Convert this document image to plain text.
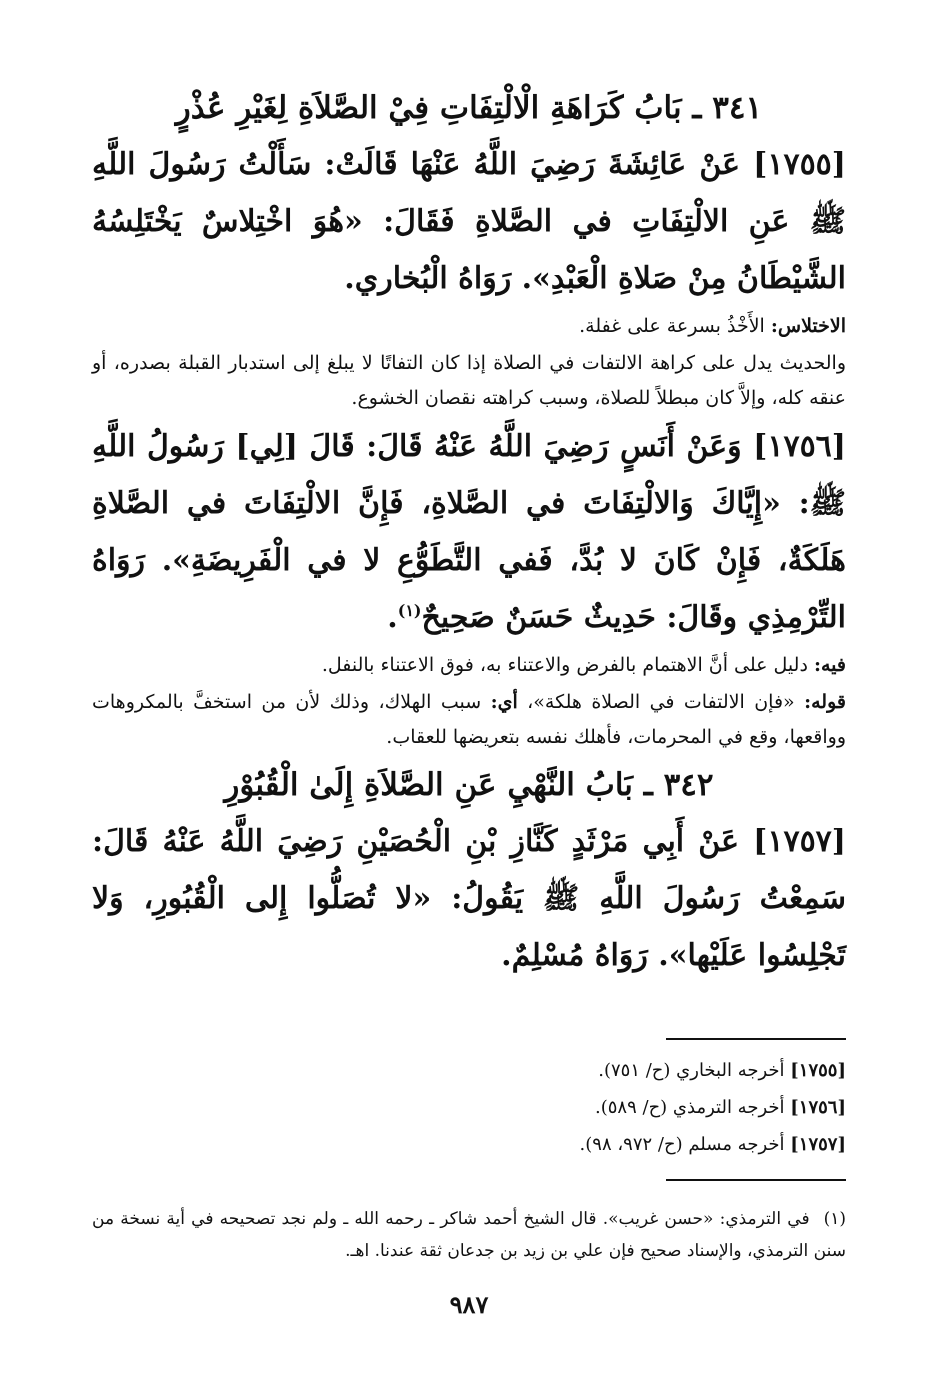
٣٤١ ـ بَابُ كَرَاهَةِ الْالْتِفَاتِ فِيْ الصَّلاَةِ لِغَيْرِ عُذْرٍ

[١٧٥٥] عَنْ عَائِشَةَ رَضِيَ اللَّهُ عَنْهَا قَالَتْ: سَأَلْتُ رَسُولَ اللَّهِ ﷺ عَنِ الالْتِفَاتِ في الصَّلاةِ فَقَالَ: «هُوَ اخْتِلاسٌ يَخْتَلِسُهُ الشَّيْطَانُ مِنْ صَلاةِ الْعَبْدِ». رَوَاهُ الْبُخاري.

الاختلاس: الأَخْذُ بسرعة على غفلة.

والحديث يدل على كراهة الالتفات في الصلاة إذا كان التفاتًا لا يبلغ إلى استدبار القبلة بصدره، أو عنقه كله، وإلاَّ كان مبطلاً للصلاة، وسبب كراهته نقصان الخشوع.

[١٧٥٦] وَعَنْ أَنَسٍ رَضِيَ اللَّهُ عَنْهُ قَالَ: قَالَ [لِي] رَسُولُ اللَّهِ ﷺ: «إِيَّاكَ وَالالْتِفَاتَ في الصَّلاةِ، فَإِنَّ الالْتِفَاتَ في الصَّلاةِ هَلَكَةٌ، فَإِنْ كَانَ لا بُدَّ، فَفي التَّطَوُّعِ لا في الْفَرِيضَةِ». رَوَاهُ التِّرْمِذِي وقَالَ: حَدِيثٌ حَسَنٌ صَحِيحٌ$^{(١)}$.

فيه: دليل على أنَّ الاهتمام بالفرض والاعتناء به، فوق الاعتناء بالنفل.

قوله: «فإن الالتفات في الصلاة هلكة»، أي: سبب الهلاك، وذلك لأن من استخفَّ بالمكروهات وواقعها، وقع في المحرمات، فأهلك نفسه بتعريضها للعقاب.

٣٤٢ ـ بَابُ النَّهْيِ عَنِ الصَّلاَةِ إِلَىٰ الْقُبُوْرِ

[١٧٥٧] عَنْ أَبِي مَرْثَدٍ كَنَّازِ بْنِ الْحُصَيْنِ رَضِيَ اللَّهُ عَنْهُ قَالَ: سَمِعْتُ رَسُولَ اللَّهِ ﷺ يَقُولُ: «لا تُصَلُّوا إِلى الْقُبُورِ، وَلا تَجْلِسُوا عَلَيْها». رَوَاهُ مُسْلِمٌ.

[١٧٥٥] أخرجه البخاري (ح/ ٧٥١).

[١٧٥٦] أخرجه الترمذي (ح/ ٥٨٩).

[١٧٥٧] أخرجه مسلم (ح/ ٩٧٢، ٩٨).

(١)في الترمذي: «حسن غريب». قال الشيخ أحمد شاكر ـ رحمه الله ـ ولم نجد تصحيحه في أية نسخة من سنن الترمذي، والإسناد صحيح فإن علي بن زيد بن جدعان ثقة عندنا. اهـ.

٩٨٧
